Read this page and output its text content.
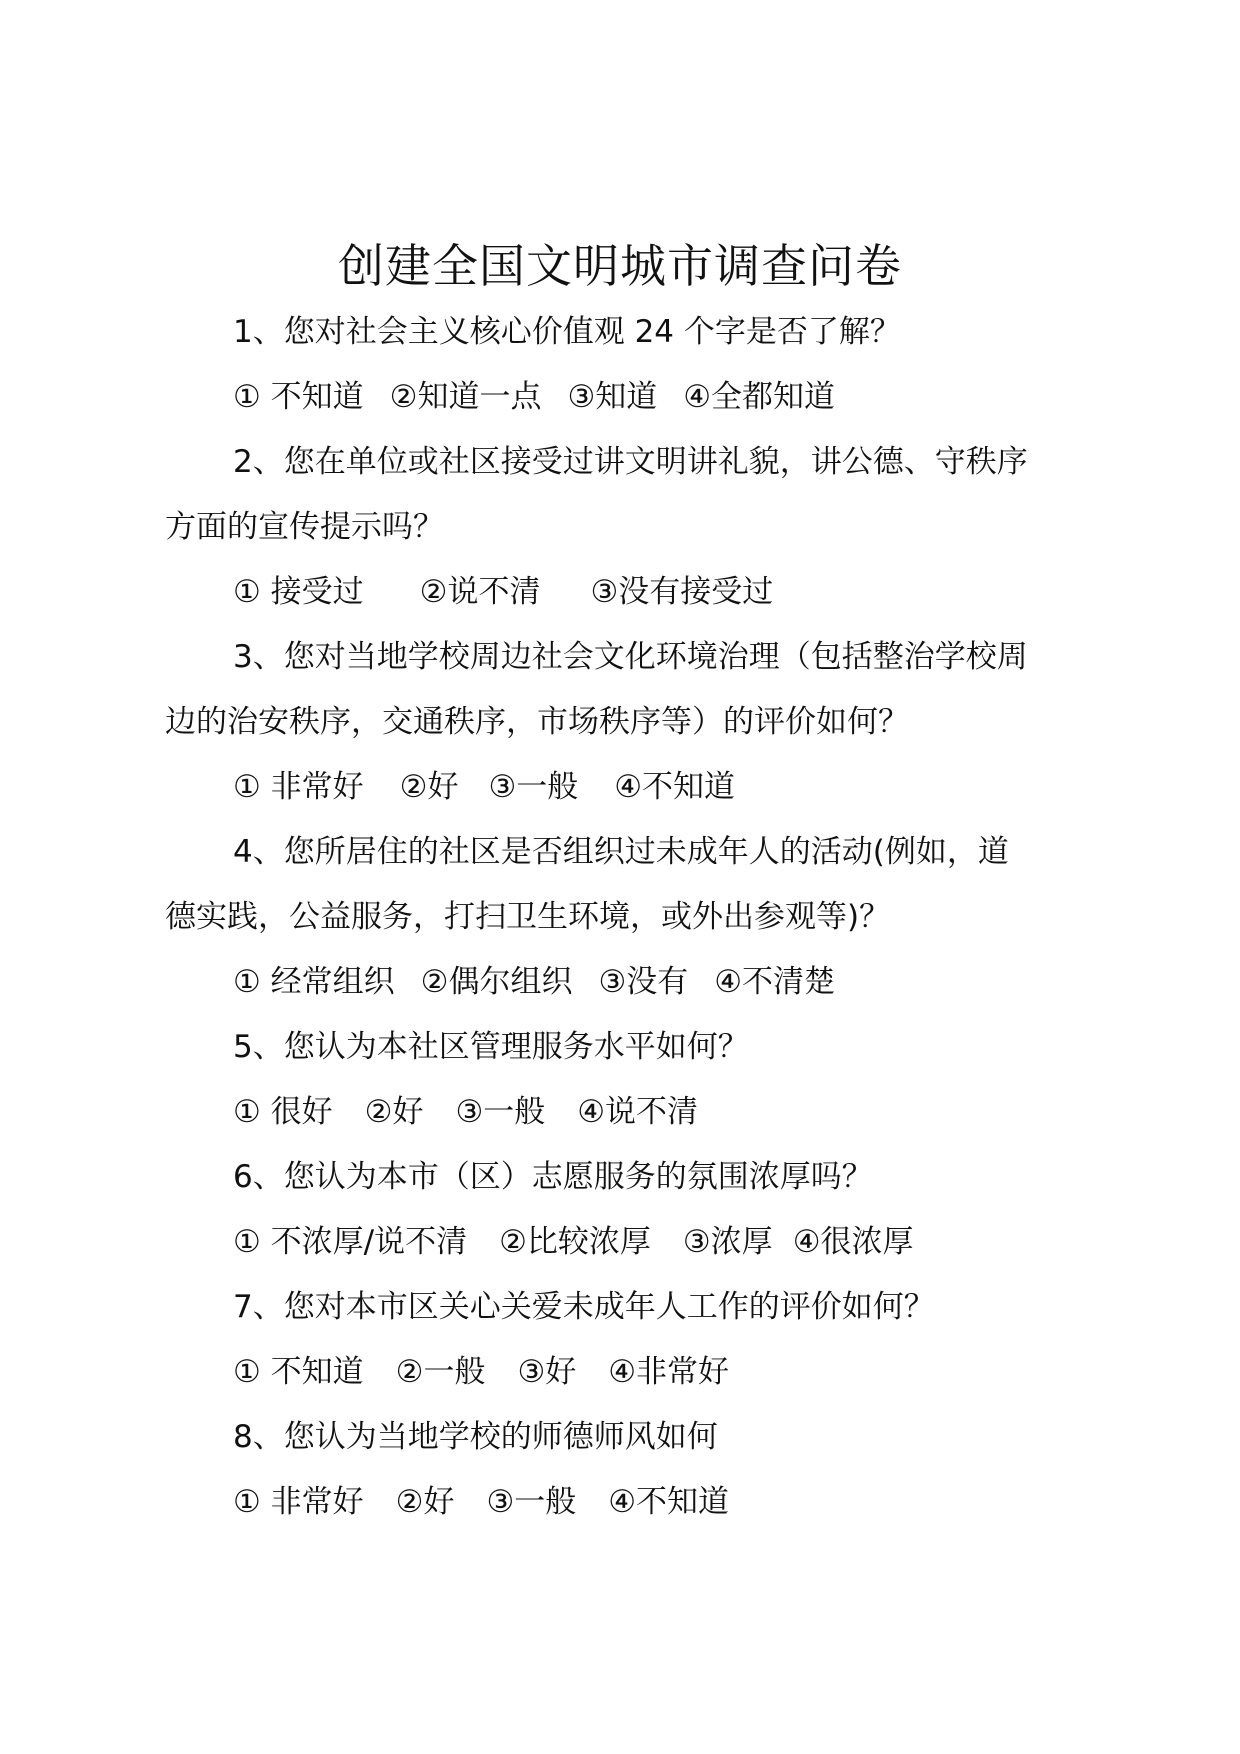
创建全国文明城市调查问卷

1、您对社会主义核心价值观 24 个字是否了解？

① 不知道 ②知道一点 ③知道 ④全都知道

2、您在单位或社区接受过讲文明讲礼貌，讲公德、守秩序

方面的宣传提示吗？

① 接受过 ②说不清 ③没有接受过

3、您对当地学校周边社会文化环境治理（包括整治学校周

边的治安秩序，交通秩序，市场秩序等）的评价如何？

① 非常好 ②好 ③一般 ④不知道

4、您所居住的社区是否组织过未成年人的活动(例如，道

德实践，公益服务，打扫卫生环境，或外出参观等)？

① 经常组织 ②偶尔组织 ③没有 ④不清楚

5、您认为本社区管理服务水平如何？

① 很好 ②好 ③一般 ④说不清

6、您认为本市（区）志愿服务的氛围浓厚吗？

① 不浓厚/说不清 ②比较浓厚 ③浓厚 ④很浓厚

7、您对本市区关心关爱未成年人工作的评价如何？

① 不知道 ②一般 ③好 ④非常好

8、您认为当地学校的师德师风如何

① 非常好 ②好 ③一般 ④不知道
